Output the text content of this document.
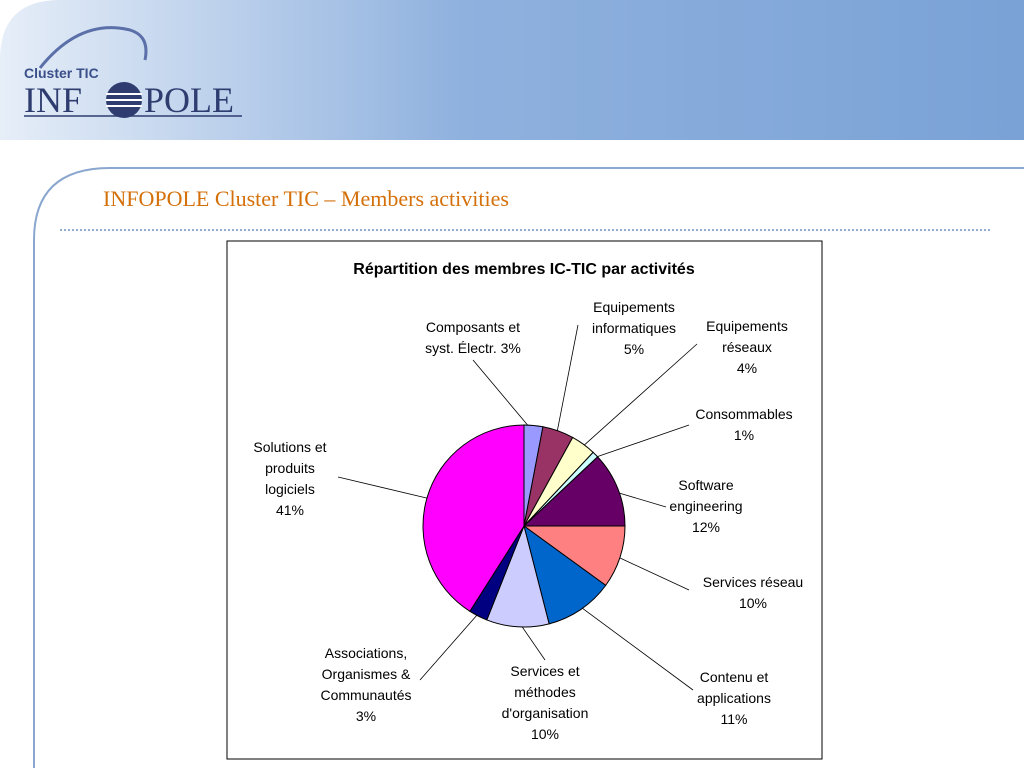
Cluster TIC
INF POLE
INFOPOLE Cluster TIC – Members activities
Répartition des membres IC-TIC par activités
Composants et syst. Électr. 3%
Equipements informatiques 5%
Equipements réseaux 4%
Consommables 1%
Software engineering 12%
Services réseau 10%
Contenu et applications 11%
Services et méthodes d'organisation 10%
Associations, Organismes & Communautés 3%
Solutions et produits logiciels 41%
